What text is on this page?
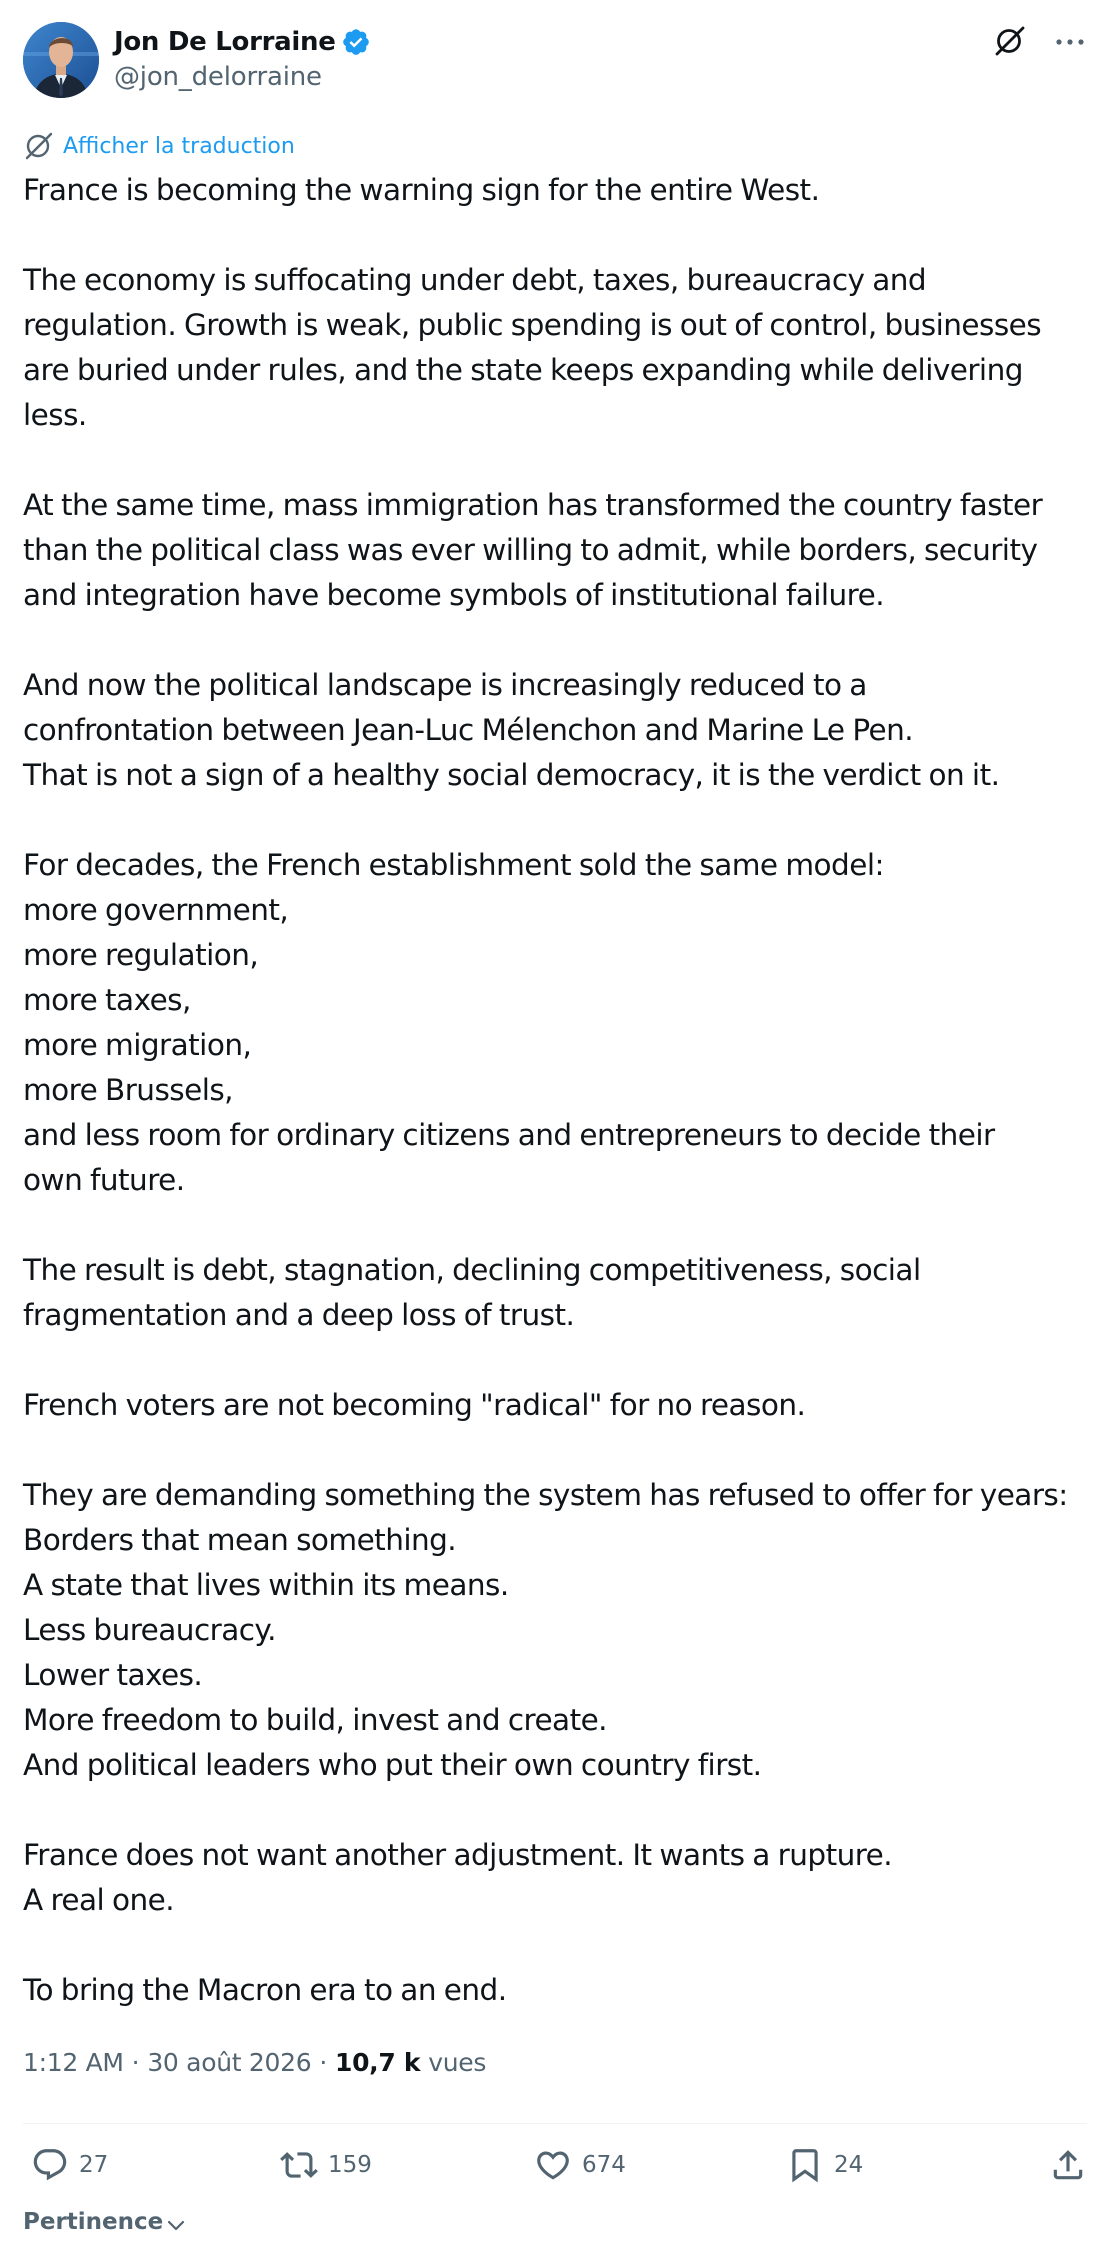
Jon De Lorraine
@jon_delorraine
Afficher la traduction

France is becoming the warning sign for the entire West.

The economy is suffocating under debt, taxes, bureaucracy and

regulation. Growth is weak, public spending is out of control, businesses

are buried under rules, and the state keeps expanding while delivering

less.

At the same time, mass immigration has transformed the country faster

than the political class was ever willing to admit, while borders, security

and integration have become symbols of institutional failure.

And now the political landscape is increasingly reduced to a

confrontation between Jean-Luc Mélenchon and Marine Le Pen.

That is not a sign of a healthy social democracy, it is the verdict on it.

For decades, the French establishment sold the same model:

more government,

more regulation,

more taxes,

more migration,

more Brussels,

and less room for ordinary citizens and entrepreneurs to decide their

own future.

The result is debt, stagnation, declining competitiveness, social

fragmentation and a deep loss of trust.

French voters are not becoming "radical" for no reason.

They are demanding something the system has refused to offer for years:

Borders that mean something.

A state that lives within its means.

Less bureaucracy.

Lower taxes.

More freedom to build, invest and create.

And political leaders who put their own country first.

France does not want another adjustment. It wants a rupture.

A real one.

To bring the Macron era to an end.

1:12 AM · 30 août 2026 · 10,7 k vues
27	159	674	24
Pertinence
